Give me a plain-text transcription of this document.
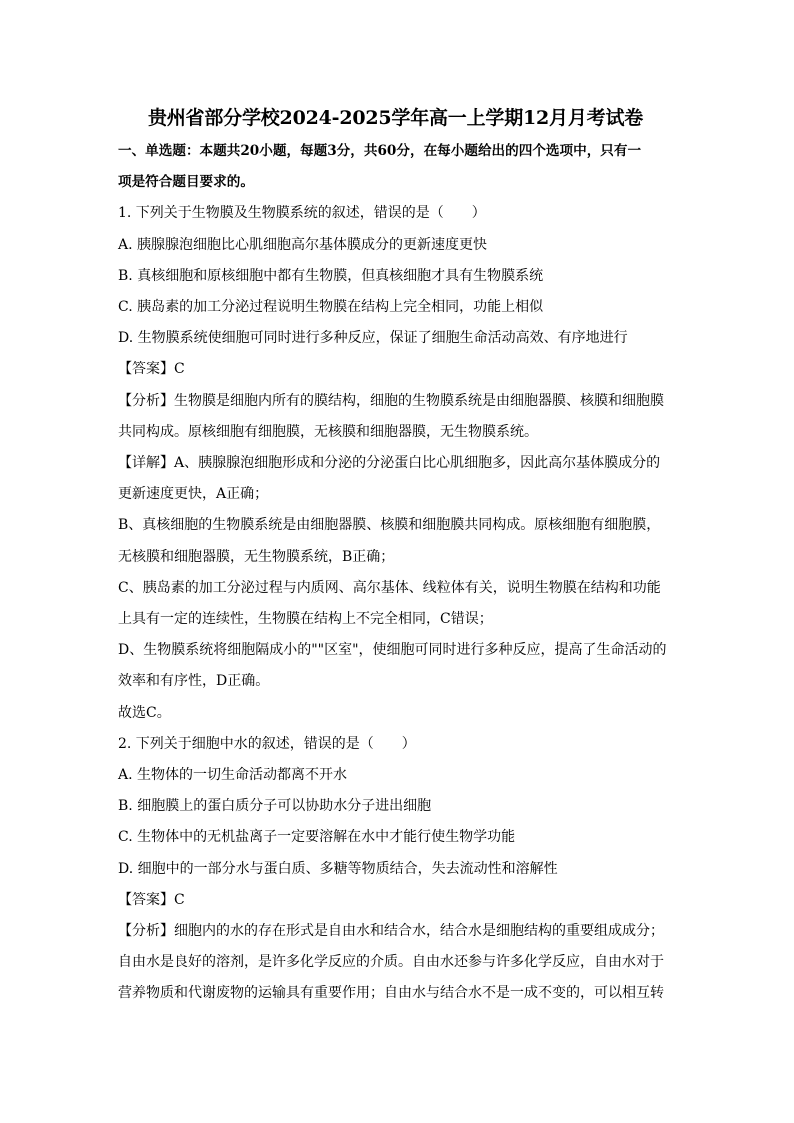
贵州省部分学校2024-2025学年高一上学期12月月考试卷

一、单选题：本题共20小题，每题3分，共60分，在每小题给出的四个选项中，只有一

项是符合题目要求的。

1. 下列关于生物膜及生物膜系统的叙述，错误的是（　　）

A. 胰腺腺泡细胞比心肌细胞高尔基体膜成分的更新速度更快

B. 真核细胞和原核细胞中都有生物膜，但真核细胞才具有生物膜系统

C. 胰岛素的加工分泌过程说明生物膜在结构上完全相同，功能上相似

D. 生物膜系统使细胞可同时进行多种反应，保证了细胞生命活动高效、有序地进行

【答案】C

【分析】生物膜是细胞内所有的膜结构，细胞的生物膜系统是由细胞器膜、核膜和细胞膜

共同构成。原核细胞有细胞膜，无核膜和细胞器膜，无生物膜系统。

【详解】A、胰腺腺泡细胞形成和分泌的分泌蛋白比心肌细胞多，因此高尔基体膜成分的

更新速度更快，A正确；

B、真核细胞的生物膜系统是由细胞器膜、核膜和细胞膜共同构成。原核细胞有细胞膜，

无核膜和细胞器膜，无生物膜系统，B正确；

C、胰岛素的加工分泌过程与内质网、高尔基体、线粒体有关，说明生物膜在结构和功能

上具有一定的连续性，生物膜在结构上不完全相同，C错误；

D、生物膜系统将细胞隔成小的""区室"，使细胞可同时进行多种反应，提高了生命活动的

效率和有序性，D正确。

故选C。

2. 下列关于细胞中水的叙述，错误的是（　　）

A. 生物体的一切生命活动都离不开水

B. 细胞膜上的蛋白质分子可以协助水分子进出细胞

C. 生物体中的无机盐离子一定要溶解在水中才能行使生物学功能

D. 细胞中的一部分水与蛋白质、多糖等物质结合，失去流动性和溶解性

【答案】C

【分析】细胞内的水的存在形式是自由水和结合水，结合水是细胞结构的重要组成成分；

自由水是良好的溶剂，是许多化学反应的介质。自由水还参与许多化学反应，自由水对于

营养物质和代谢废物的运输具有重要作用；自由水与结合水不是一成不变的，可以相互转
